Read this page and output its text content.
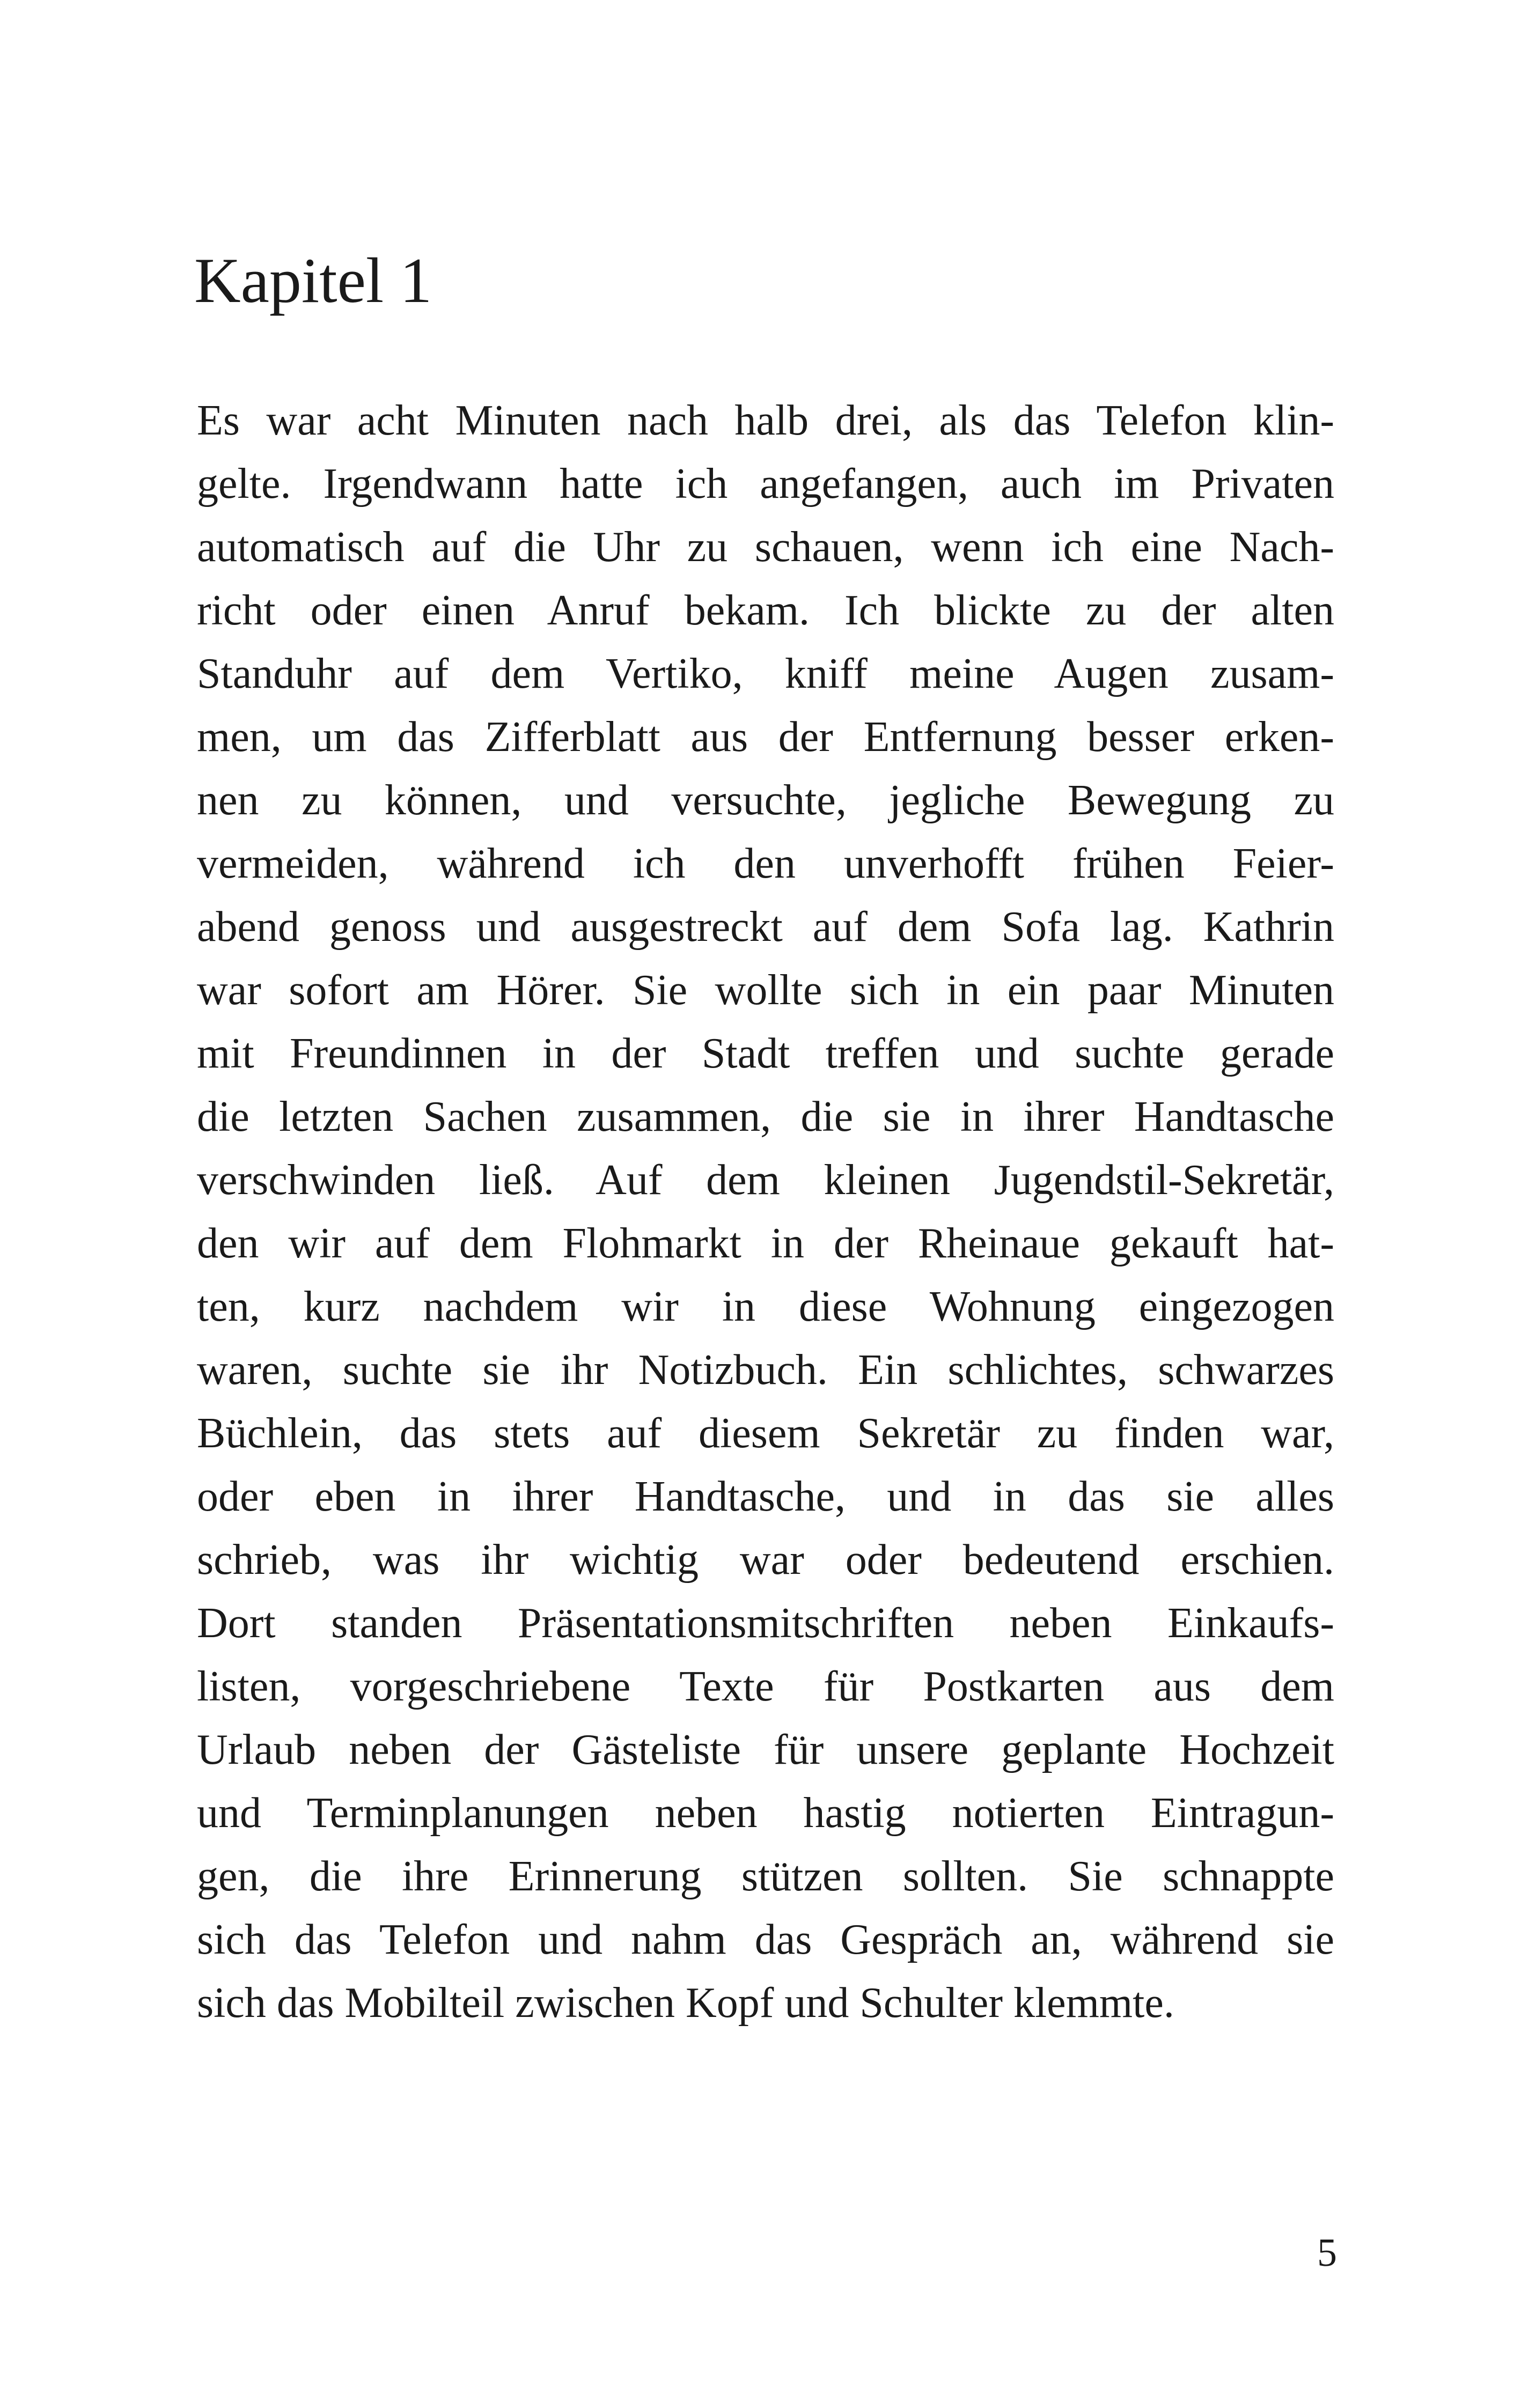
Kapitel 1
Es war acht Minuten nach halb drei, als das Telefon klin-
gelte. Irgendwann hatte ich angefangen, auch im Privaten
automatisch auf die Uhr zu schauen, wenn ich eine Nach-
richt oder einen Anruf bekam. Ich blickte zu der alten
Standuhr auf dem Vertiko, kniff meine Augen zusam-
men, um das Zifferblatt aus der Entfernung besser erken-
nen zu können, und versuchte, jegliche Bewegung zu
vermeiden, während ich den unverhofft frühen Feier-
abend genoss und ausgestreckt auf dem Sofa lag. Kathrin
war sofort am Hörer. Sie wollte sich in ein paar Minuten
mit Freundinnen in der Stadt treffen und suchte gerade
die letzten Sachen zusammen, die sie in ihrer Handtasche
verschwinden ließ. Auf dem kleinen Jugendstil-Sekretär,
den wir auf dem Flohmarkt in der Rheinaue gekauft hat-
ten, kurz nachdem wir in diese Wohnung eingezogen
waren, suchte sie ihr Notizbuch. Ein schlichtes, schwarzes
Büchlein, das stets auf diesem Sekretär zu finden war,
oder eben in ihrer Handtasche, und in das sie alles
schrieb, was ihr wichtig war oder bedeutend erschien.
Dort standen Präsentationsmitschriften neben Einkaufs-
listen, vorgeschriebene Texte für Postkarten aus dem
Urlaub neben der Gästeliste für unsere geplante Hochzeit
und Terminplanungen neben hastig notierten Eintragun-
gen, die ihre Erinnerung stützen sollten. Sie schnappte
sich das Telefon und nahm das Gespräch an, während sie
sich das Mobilteil zwischen Kopf und Schulter klemmte.
5
